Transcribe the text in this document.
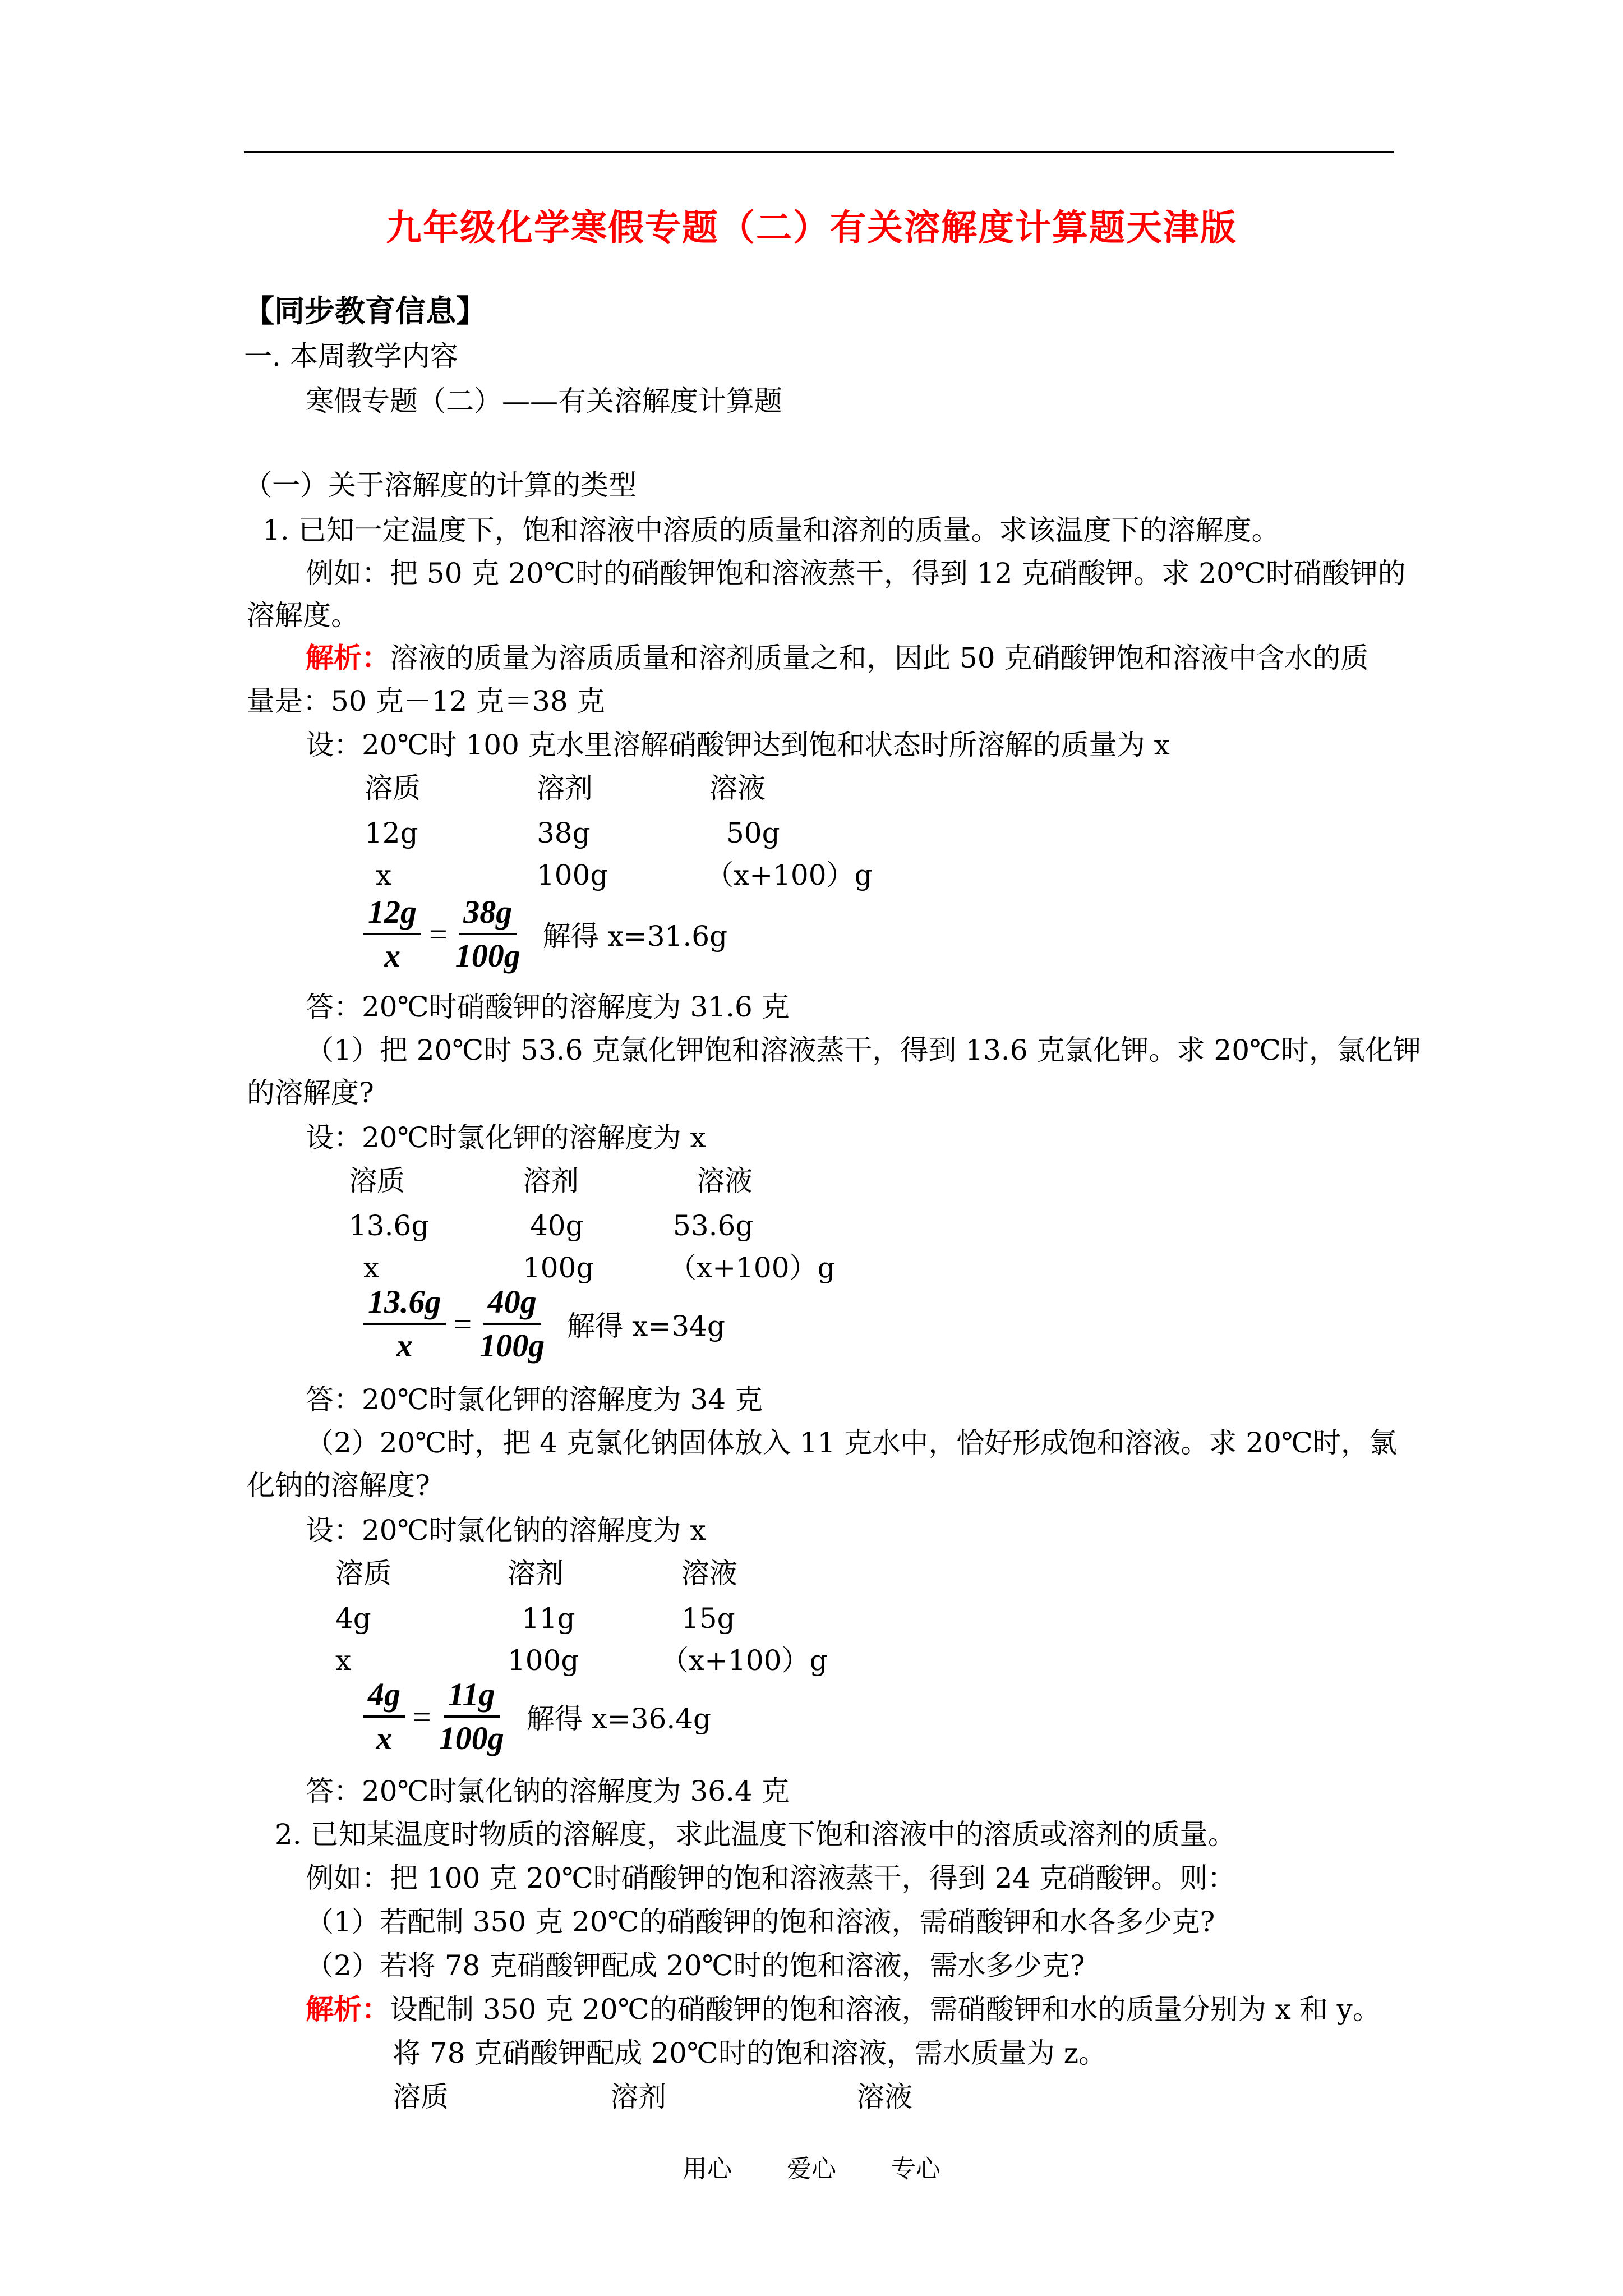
九年级化学寒假专题（二）有关溶解度计算题天津版
【同步教育信息】
一. 本周教学内容
寒假专题（二）——有关溶解度计算题
（一）关于溶解度的计算的类型
1. 已知一定温度下，饱和溶液中溶质的质量和溶剂的质量。求该温度下的溶解度。
例如：把 50 克 20℃时的硝酸钾饱和溶液蒸干，得到 12 克硝酸钾。求 20℃时硝酸钾的
溶解度。
解析：溶液的质量为溶质质量和溶剂质量之和，因此 50 克硝酸钾饱和溶液中含水的质
量是：50 克－12 克＝38 克
设：20℃时 100 克水里溶解硝酸钾达到饱和状态时所溶解的质量为 x
溶质	溶剂	溶液
12g	38g	50g
x	100g	（x+100）g
$\frac{12g}{x} = \frac{38g}{100g}$ 解得 x=31.6g
答：20℃时硝酸钾的溶解度为 31.6 克
（1）把 20℃时 53.6 克氯化钾饱和溶液蒸干，得到 13.6 克氯化钾。求 20℃时，氯化钾
的溶解度?
设：20℃时氯化钾的溶解度为 x
溶质	溶剂	溶液
13.6g	40g	53.6g
x	100g	（x+100）g
$\frac{13.6g}{x} = \frac{40g}{100g}$ 解得 x=34g
答：20℃时氯化钾的溶解度为 34 克
（2）20℃时，把 4 克氯化钠固体放入 11 克水中，恰好形成饱和溶液。求 20℃时，氯
化钠的溶解度?
设：20℃时氯化钠的溶解度为 x
溶质	溶剂	溶液
4g	11g	15g
x	100g	（x+100）g
$\frac{4g}{x} = \frac{11g}{100g}$ 解得 x=36.4g
答：20℃时氯化钠的溶解度为 36.4 克
2. 已知某温度时物质的溶解度，求此温度下饱和溶液中的溶质或溶剂的质量。
例如：把 100 克 20℃时硝酸钾的饱和溶液蒸干，得到 24 克硝酸钾。则：
（1）若配制 350 克 20℃的硝酸钾的饱和溶液，需硝酸钾和水各多少克?
（2）若将 78 克硝酸钾配成 20℃时的饱和溶液，需水多少克?
解析：设配制 350 克 20℃的硝酸钾的饱和溶液，需硝酸钾和水的质量分别为 x 和 y。
将 78 克硝酸钾配成 20℃时的饱和溶液，需水质量为 z。
溶质	溶剂	溶液
用心 爱心 专心
